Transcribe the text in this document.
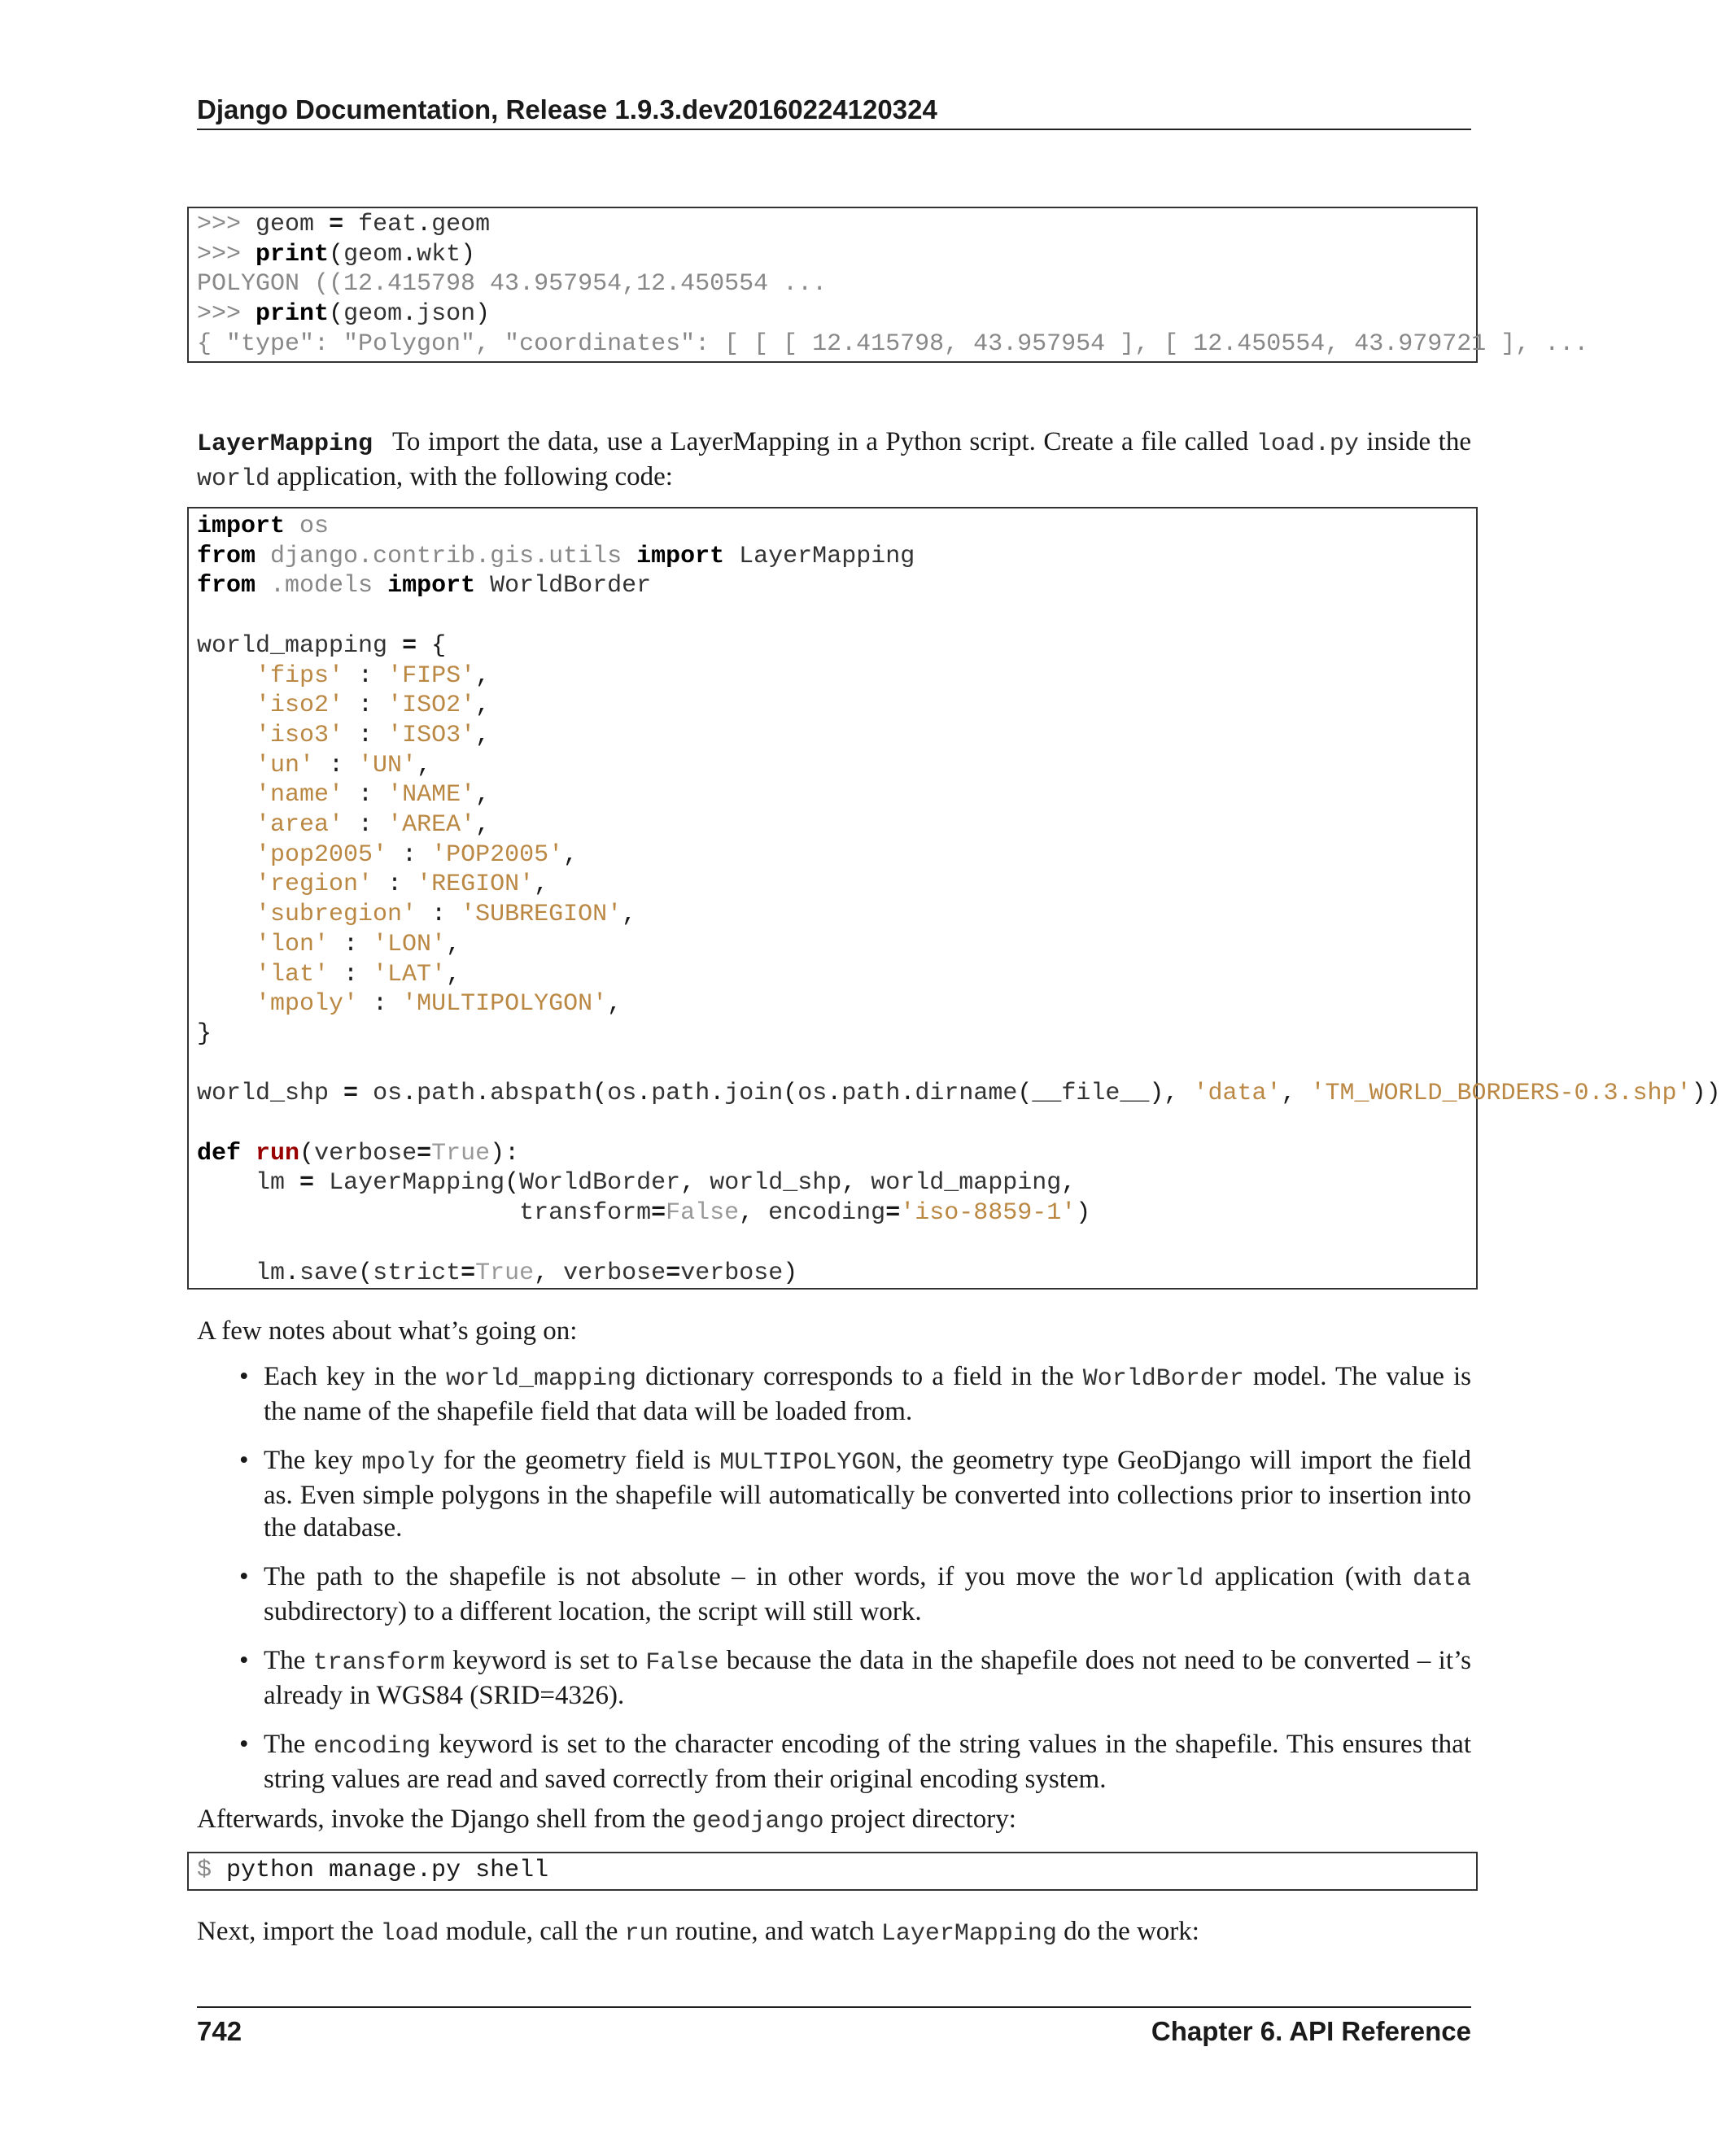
Django Documentation, Release 1.9.3.dev20160224120324
>>> geom = feat.geom
>>> print(geom.wkt)
POLYGON ((12.415798 43.957954,12.450554 ...
>>> print(geom.json)
{ "type": "Polygon", "coordinates": [ [ [ 12.415798, 43.957954 ], [ 12.450554, 43.979721 ], ...
LayerMapping To import the data, use a LayerMapping in a Python script. Create a file called load.py inside the world application, with the following code:
import os
from django.contrib.gis.utils import LayerMapping
from .models import WorldBorder

world_mapping = {
'fips' : 'FIPS',
'iso2' : 'ISO2',
'iso3' : 'ISO3',
'un' : 'UN',
'name' : 'NAME',
'area' : 'AREA',
'pop2005' : 'POP2005',
'region' : 'REGION',
'subregion' : 'SUBREGION',
'lon' : 'LON',
'lat' : 'LAT',
'mpoly' : 'MULTIPOLYGON',
}

world_shp = os.path.abspath(os.path.join(os.path.dirname(__file__), 'data', 'TM_WORLD_BORDERS-0.3.shp'))

def run(verbose=True):
lm = LayerMapping(WorldBorder, world_shp, world_mapping,
transform=False, encoding='iso-8859-1')

lm.save(strict=True, verbose=verbose)
A few notes about what’s going on:
• Each key in the world_mapping dictionary corresponds to a field in the WorldBorder model. The value is the name of the shapefile field that data will be loaded from.
• The key mpoly for the geometry field is MULTIPOLYGON, the geometry type GeoDjango will import the field as. Even simple polygons in the shapefile will automatically be converted into collections prior to insertion into the database.
• The path to the shapefile is not absolute – in other words, if you move the world application (with data subdirectory) to a different location, the script will still work.
• The transform keyword is set to False because the data in the shapefile does not need to be converted – it’s already in WGS84 (SRID=4326).
• The encoding keyword is set to the character encoding of the string values in the shapefile. This ensures that string values are read and saved correctly from their original encoding system.
Afterwards, invoke the Django shell from the geodjango project directory:
$ python manage.py shell
Next, import the load module, call the run routine, and watch LayerMapping do the work:
742	Chapter 6. API Reference
